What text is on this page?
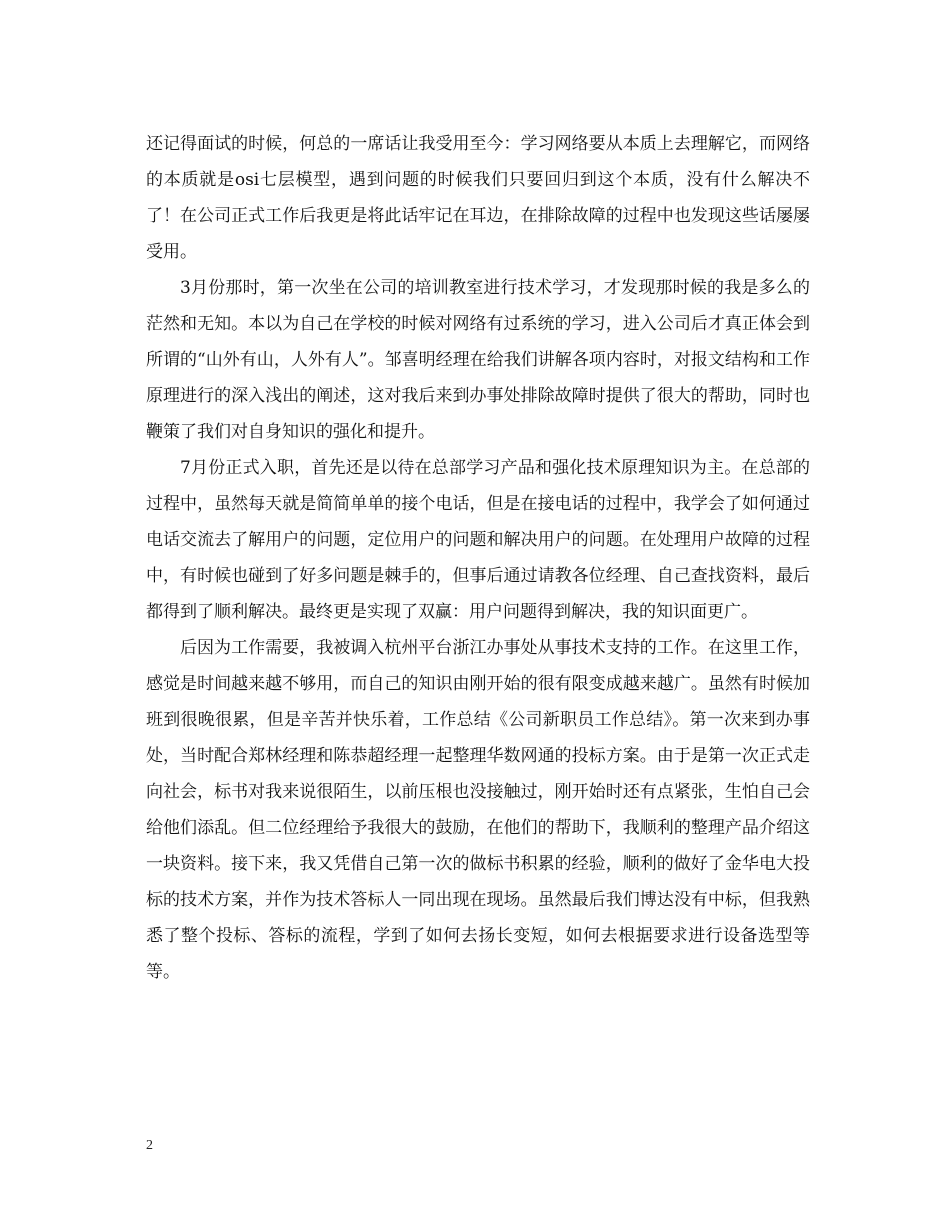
还记得面试的时候，何总的一席话让我受用至今：学习网络要从本质上去理解它，而网络的本质就是osi七层模型，遇到问题的时候我们只要回归到这个本质，没有什么解决不了！在公司正式工作后我更是将此话牢记在耳边，在排除故障的过程中也发现这些话屡屡受用。

3月份那时，第一次坐在公司的培训教室进行技术学习，才发现那时候的我是多么的茫然和无知。本以为自己在学校的时候对网络有过系统的学习，进入公司后才真正体会到所谓的“山外有山，人外有人”。邹喜明经理在给我们讲解各项内容时，对报文结构和工作原理进行的深入浅出的阐述，这对我后来到办事处排除故障时提供了很大的帮助，同时也鞭策了我们对自身知识的强化和提升。

7月份正式入职，首先还是以待在总部学习产品和强化技术原理知识为主。在总部的过程中，虽然每天就是简简单单的接个电话，但是在接电话的过程中，我学会了如何通过电话交流去了解用户的问题，定位用户的问题和解决用户的问题。在处理用户故障的过程中，有时候也碰到了好多问题是棘手的，但事后通过请教各位经理、自己查找资料，最后都得到了顺利解决。最终更是实现了双赢：用户问题得到解决，我的知识面更广。

后因为工作需要，我被调入杭州平台浙江办事处从事技术支持的工作。在这里工作，感觉是时间越来越不够用，而自己的知识由刚开始的很有限变成越来越广。虽然有时候加班到很晚很累，但是辛苦并快乐着，工作总结《公司新职员工作总结》。第一次来到办事处，当时配合郑林经理和陈恭超经理一起整理华数网通的投标方案。由于是第一次正式走向社会，标书对我来说很陌生，以前压根也没接触过，刚开始时还有点紧张，生怕自己会给他们添乱。但二位经理给予我很大的鼓励，在他们的帮助下，我顺利的整理产品介绍这一块资料。接下来，我又凭借自己第一次的做标书积累的经验，顺利的做好了金华电大投标的技术方案，并作为技术答标人一同出现在现场。虽然最后我们博达没有中标，但我熟悉了整个投标、答标的流程，学到了如何去扬长变短，如何去根据要求进行设备选型等等。

2
